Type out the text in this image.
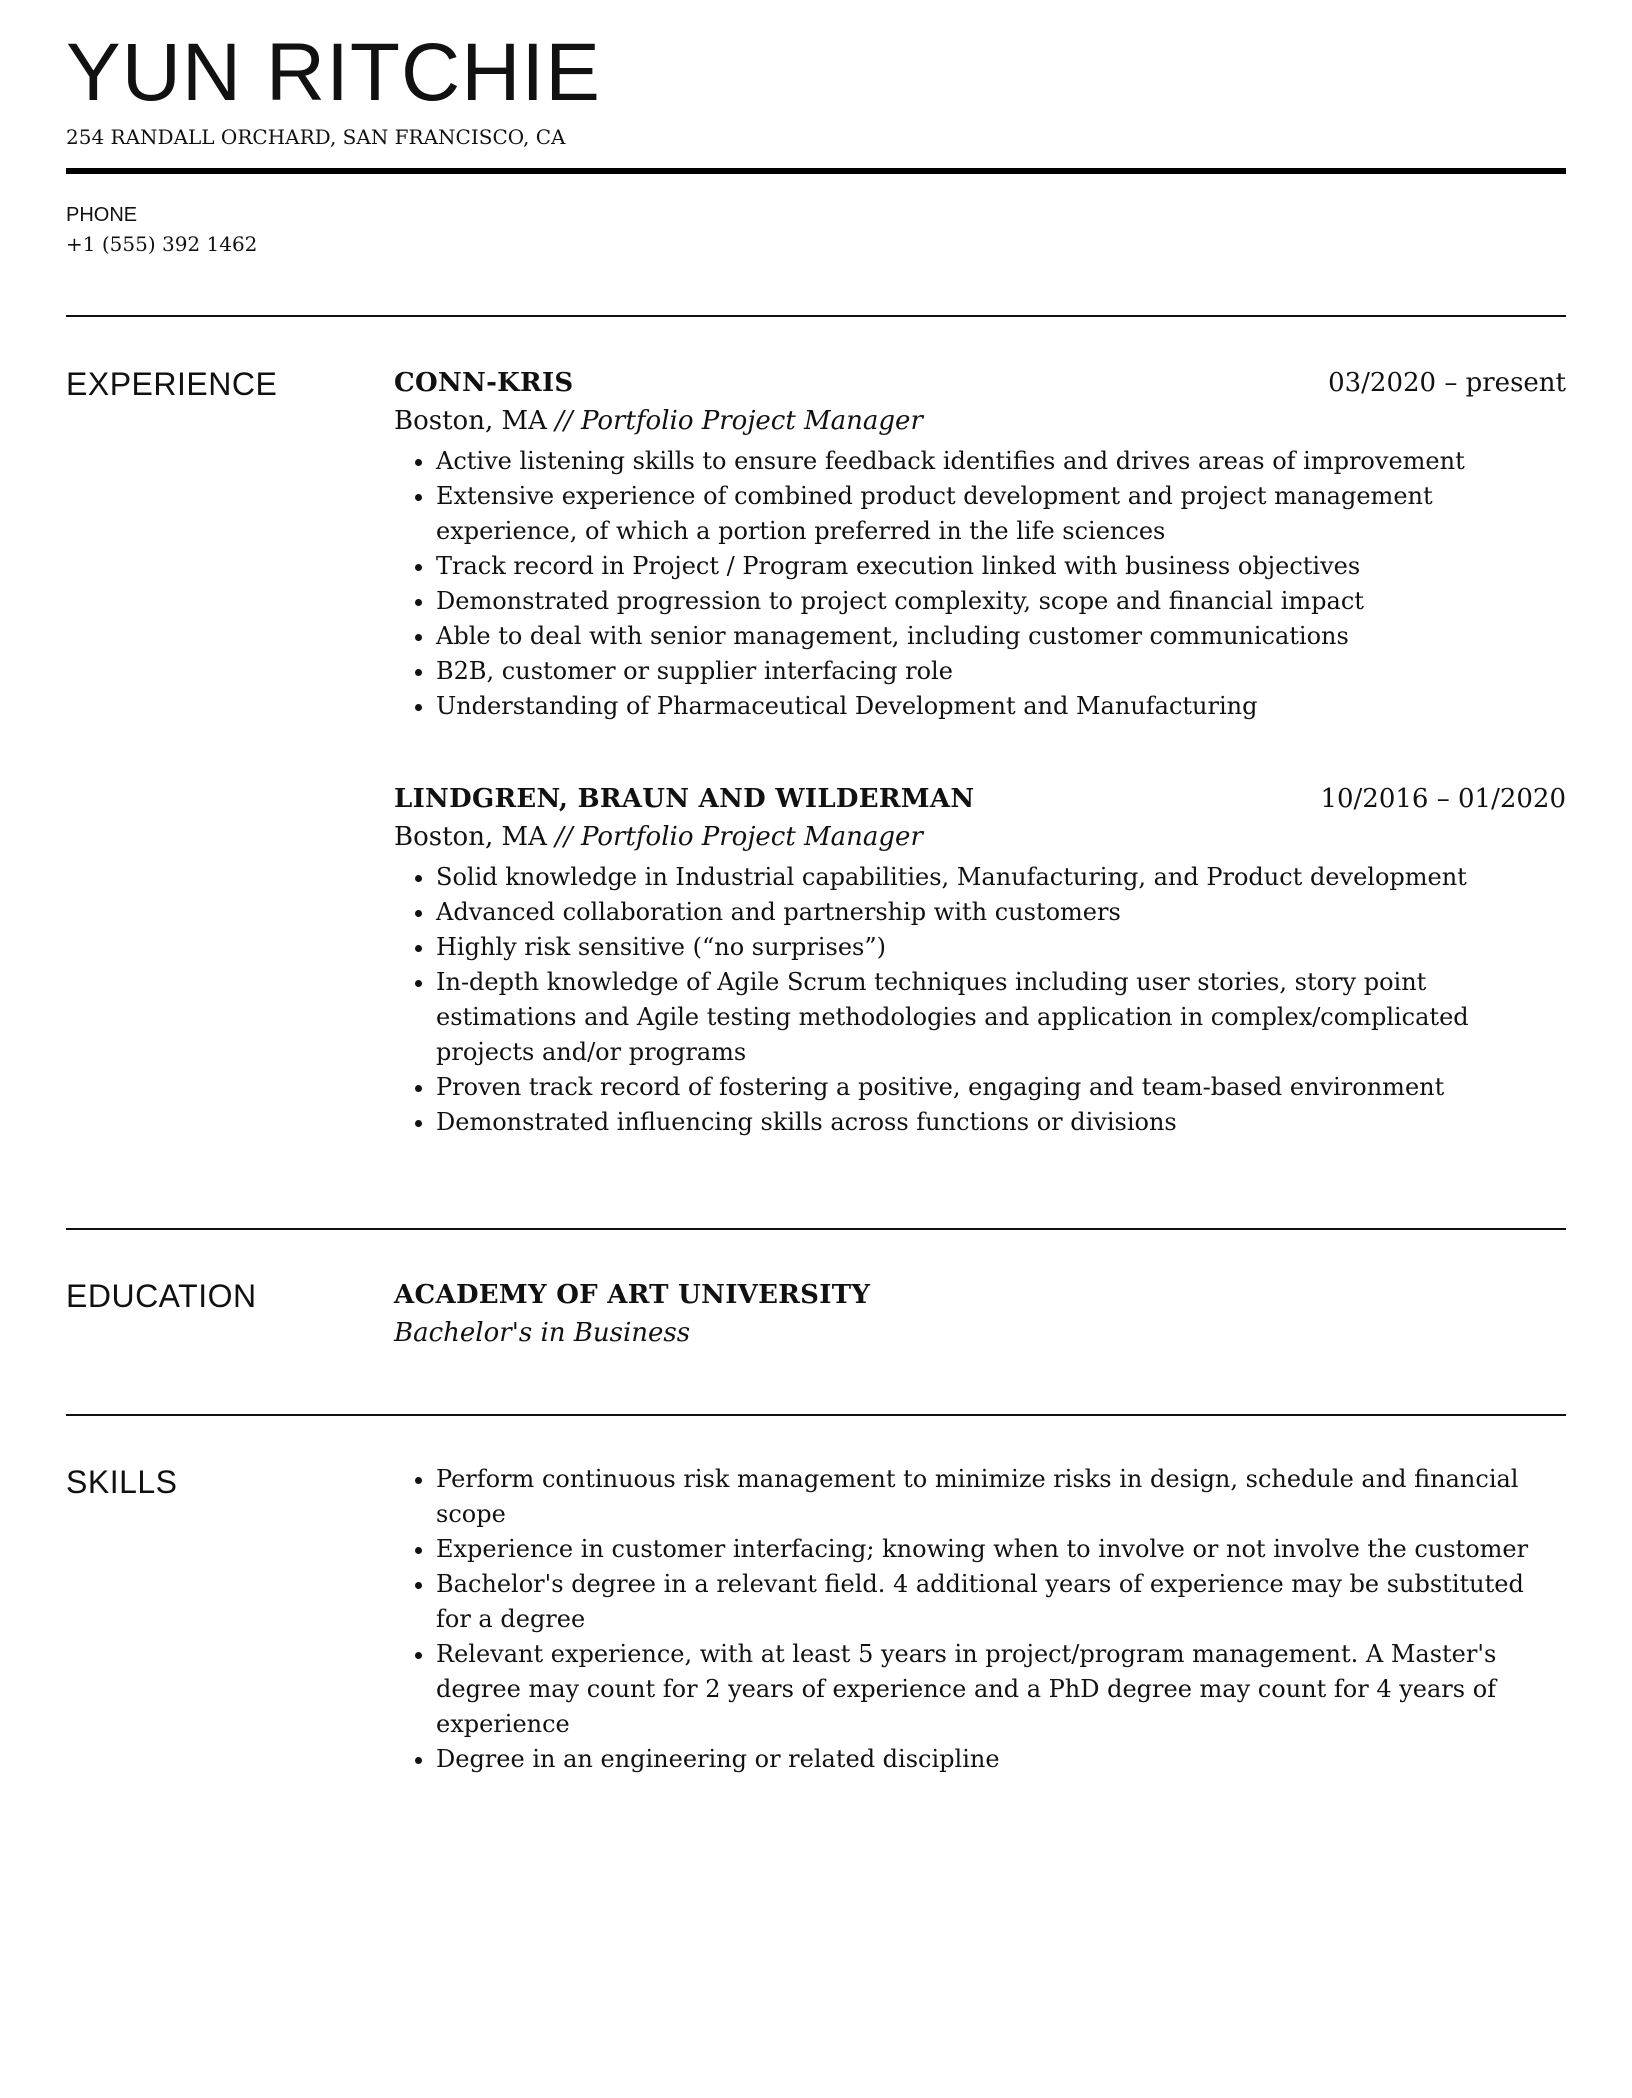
YUN RITCHIE
254 RANDALL ORCHARD, SAN FRANCISCO, CA
PHONE
+1 (555) 392 1462
EXPERIENCE	CONN-KRIS	03/2020 – present
Boston, MA // Portfolio Project Manager
• Active listening skills to ensure feedback identifies and drives areas of improvement
• Extensive experience of combined product development and project management experience, of which a portion preferred in the life sciences
• Track record in Project / Program execution linked with business objectives
• Demonstrated progression to project complexity, scope and financial impact
• Able to deal with senior management, including customer communications
• B2B, customer or supplier interfacing role
• Understanding of Pharmaceutical Development and Manufacturing
LINDGREN, BRAUN AND WILDERMAN	10/2016 – 01/2020
Boston, MA // Portfolio Project Manager
• Solid knowledge in Industrial capabilities, Manufacturing, and Product development
• Advanced collaboration and partnership with customers
• Highly risk sensitive (“no surprises”)
• In-depth knowledge of Agile Scrum techniques including user stories, story point estimations and Agile testing methodologies and application in complex/complicated projects and/or programs
• Proven track record of fostering a positive, engaging and team-based environment
• Demonstrated influencing skills across functions or divisions
EDUCATION	ACADEMY OF ART UNIVERSITY
Bachelor's in Business
SKILLS
•	Perform continuous risk management to minimize risks in design, schedule and financial scope
• Experience in customer interfacing; knowing when to involve or not involve the customer
• Bachelor's degree in a relevant field. 4 additional years of experience may be substituted for a degree
• Relevant experience, with at least 5 years in project/program management. A Master's degree may count for 2 years of experience and a PhD degree may count for 4 years of experience
• Degree in an engineering or related discipline
